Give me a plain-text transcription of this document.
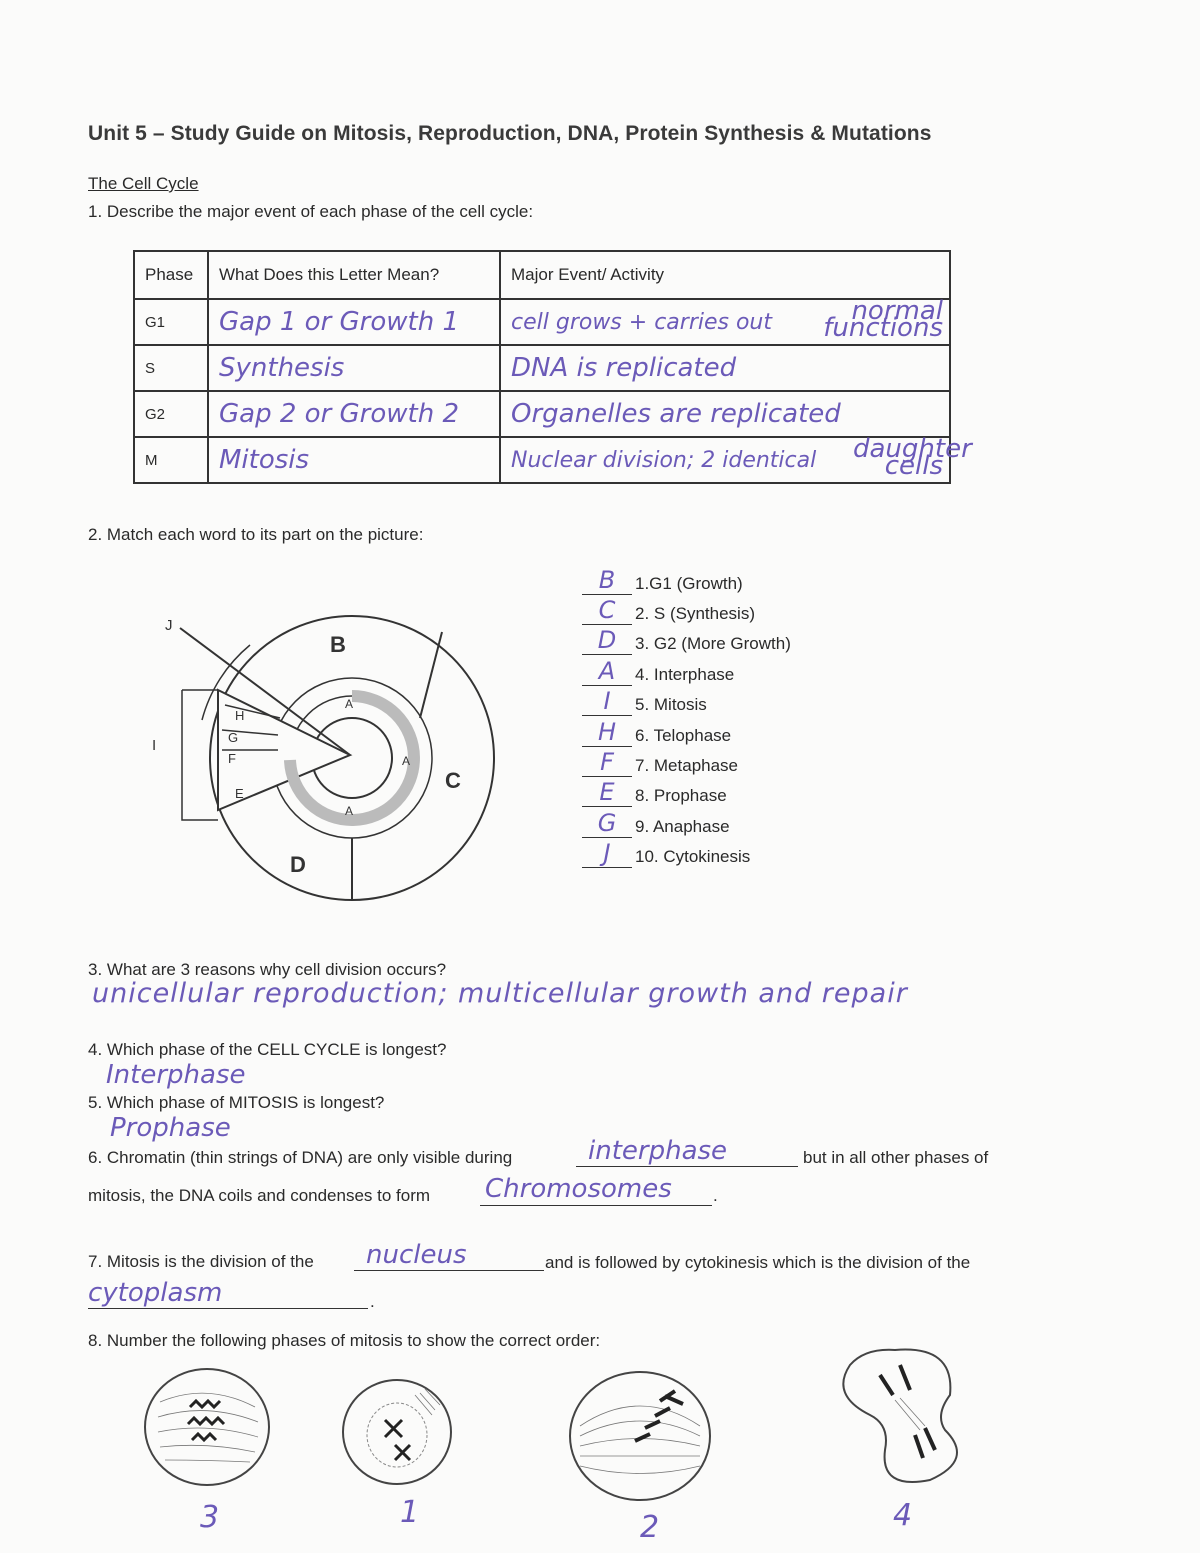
Unit 5 – Study Guide on Mitosis, Reproduction, DNA, Protein Synthesis & Mutations
The Cell Cycle
1. Describe the major event of each phase of the cell cycle:
Phase	What Does this Letter Mean?	Major Event/ Activity
G1	Gap 1 or Growth 1	cell grows + carries out normal functions

S	Synthesis	DNA is replicated
G2	Gap 2 or Growth 2	Organelles are replicated
M	Mitosis	Nuclear division; 2 identical daughter cells
2. Match each word to its part on the picture:
B
C
D
J
I
A
A
A
H
G
F
E
B	1.G1 (Growth)
C	2. S (Synthesis)
D	3. G2 (More Growth)
A	4. Interphase
I	5. Mitosis
H	6. Telophase
F	7. Metaphase
E	8. Prophase
G	9. Anaphase
J	10. Cytokinesis
3. What are 3 reasons why cell division occurs?
unicellular reproduction; multicellular growth and repair
4. Which phase of the CELL CYCLE is longest?
Interphase
5. Which phase of MITOSIS is longest?
Prophase
6. Chromatin (thin strings of DNA) are only visible during	interphase	but in all other phases of
mitosis, the DNA coils and condenses to form Chromosomes .
7. Mitosis is the division of the nucleus	and is followed by cytokinesis which is the division of the
cytoplasm	.
8. Number the following phases of mitosis to show the correct order:
3	1	2	4
